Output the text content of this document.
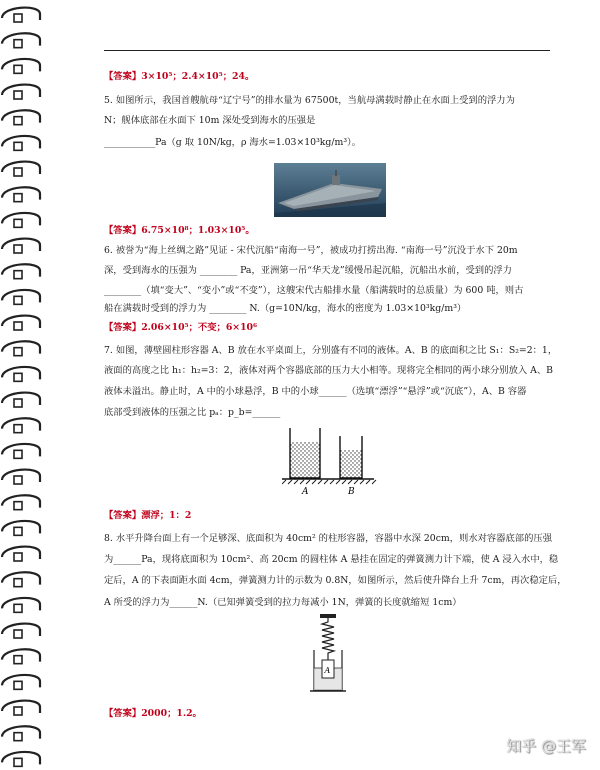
【答案】3×10⁵；2.4×10⁵；24。
5. 如图所示，我国首艘航母“辽宁号”的排水量为 67500t，当航母满载时静止在水面上受到的浮力为
N；舰体底部在水面下 10m 深处受到海水的压强是
___________Pa（g 取 10N/kg，ρ 海水=1.03×10³kg/m³）。
【答案】6.75×10⁸；1.03×10⁵。
6. 被誉为“海上丝绸之路”见证 - 宋代沉船“南海一号”，被成功打捞出海. “南海一号”沉没于水下 20m
深，受到海水的压强为 ________ Pa，亚洲第一吊“华天龙”缓慢吊起沉船，沉船出水前，受到的浮力
________（填“变大”、“变小”或“不变”），这艘宋代古船排水量（船满载时的总质量）为 600 吨，则古
船在满载时受到的浮力为 ________ N.（g=10N/kg，海水的密度为 1.03×10³kg/m³）
【答案】2.06×10⁵；不变；6×10⁶
7. 如图，薄壁圆柱形容器 A、B 放在水平桌面上，分别盛有不同的液体。A、B 的底面积之比 S₁：S₂=2：1，
液面的高度之比 h₁：h₂=3：2，液体对两个容器底部的压力大小相等。现将完全相同的两小球分别放入 A、B
液体未溢出。静止时，A 中的小球悬浮，B 中的小球______（选填“漂浮”“悬浮”或“沉底”），A、B 容器
底部受到液体的压强之比 pₐ：p_b=______
A	B
【答案】漂浮；1：2
8. 水平升降台面上有一个足够深、底面积为 40cm² 的柱形容器，容器中水深 20cm，则水对容器底部的压强
为______Pa，现将底面积为 10cm²、高 20cm 的圆柱体 A 悬挂在固定的弹簧测力计下端，使 A 浸入水中，稳
定后，A 的下表面距水面 4cm，弹簧测力计的示数为 0.8N，如图所示，然后使升降台上升 7cm，再次稳定后，
A 所受的浮力为______N.（已知弹簧受到的拉力每减小 1N，弹簧的长度就缩短 1cm）
A
【答案】2000；1.2。
知乎 @王军
